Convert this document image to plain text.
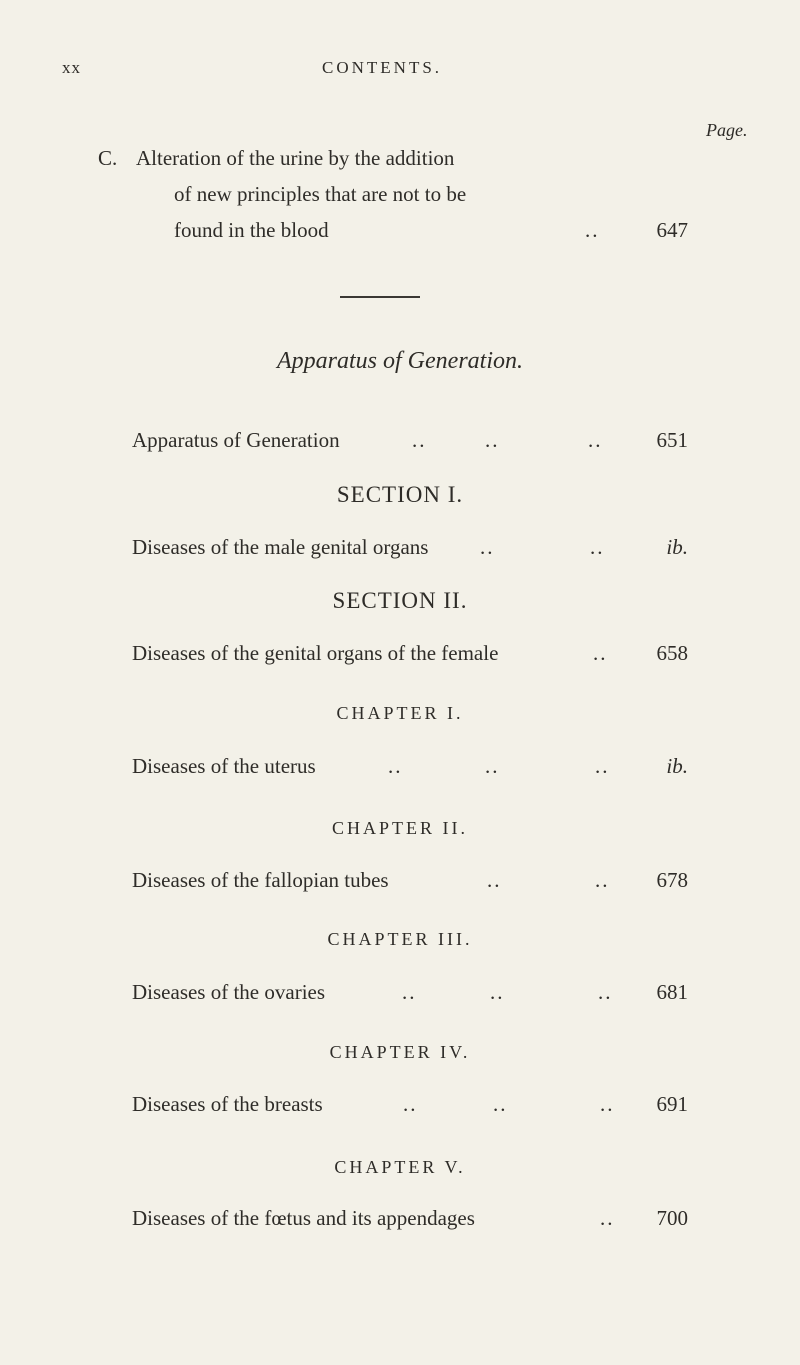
xx	CONTENTS.
Page.
C. Alteration of the urine by the addition
of new principles that are not to be
found in the blood	..	647
Apparatus of Generation.
Apparatus of Generation	..	..	..	651
SECTION I.
Diseases of the male genital organs ..	..	ib.
SECTION II.
Diseases of the genital organs of the female	.. 658
CHAPTER I.
Diseases of the uterus	..	..	..	ib.
CHAPTER II.
Diseases of the fallopian tubes	..	.. 678
CHAPTER III.
Diseases of the ovaries	..	..	.. 681
CHAPTER IV.
Diseases of the breasts	..	..	.. 691
CHAPTER V.
Diseases of the fœtus and its appendages	.. 700
